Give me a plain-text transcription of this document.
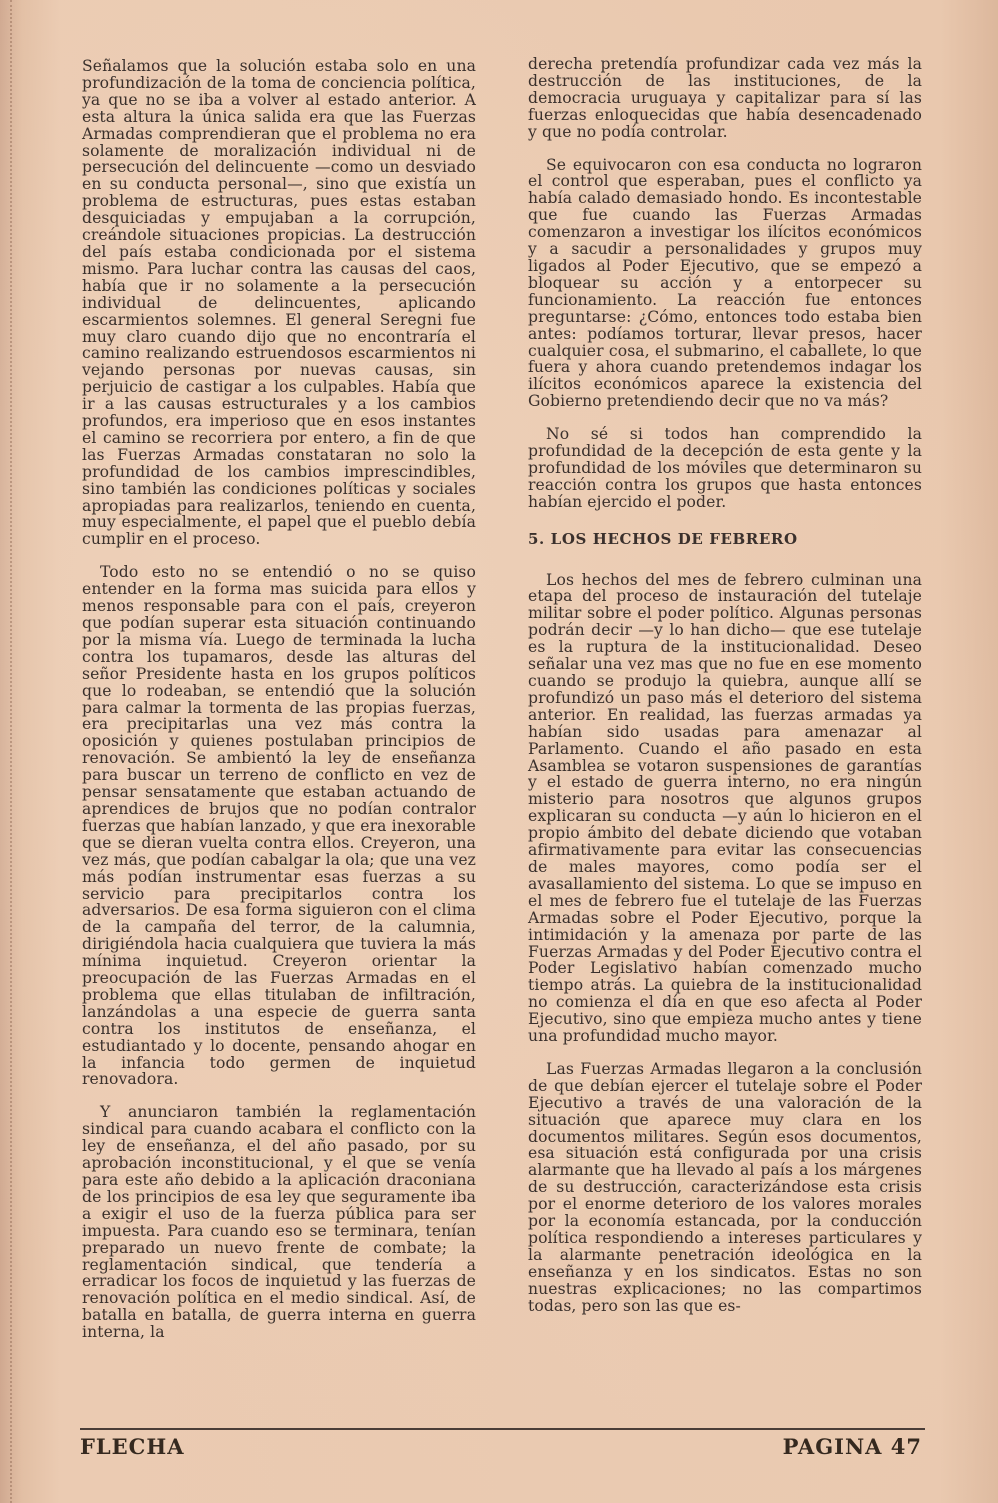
Señalamos que la solución estaba solo en una profundización de la toma de conciencia política, ya que no se iba a volver al estado anterior. A esta altura la única salida era que las Fuerzas Armadas comprendieran que el problema no era solamente de moralización individual ni de persecución del delincuente —como un desviado en su conducta personal—, sino que existía un problema de estructuras, pues estas estaban desquiciadas y empujaban a la corrupción, creándole situaciones propicias. La destrucción del país estaba condicionada por el sistema mismo. Para luchar contra las causas del caos, había que ir no solamente a la persecución individual de delincuentes, aplicando escarmientos solemnes. El general Seregni fue muy claro cuando dijo que no encontraría el camino realizando estruendosos escarmientos ni vejando personas por nuevas causas, sin perjuicio de castigar a los culpables. Había que ir a las causas estructurales y a los cambios profundos, era imperioso que en esos instantes el camino se recorriera por entero, a fin de que las Fuerzas Armadas constataran no solo la profundidad de los cambios imprescindibles, sino también las condiciones políticas y sociales apropiadas para realizarlos, teniendo en cuenta, muy especialmente, el papel que el pueblo debía cumplir en el proceso.

Todo esto no se entendió o no se quiso entender en la forma mas suicida para ellos y menos responsable para con el país, creyeron que podían superar esta situación continuando por la misma vía. Luego de terminada la lucha contra los tupamaros, desde las alturas del señor Presidente hasta en los grupos políticos que lo rodeaban, se entendió que la solución para calmar la tormenta de las propias fuerzas, era precipitarlas una vez más contra la oposición y quienes postulaban principios de renovación. Se ambientó la ley de enseñanza para buscar un terreno de conflicto en vez de pensar sensatamente que estaban actuando de aprendices de brujos que no podían contralor fuerzas que habían lanzado, y que era inexorable que se dieran vuelta contra ellos. Creyeron, una vez más, que podían cabalgar la ola; que una vez más podían instrumentar esas fuerzas a su servicio para precipitarlos contra los adversarios. De esa forma siguieron con el clima de la campaña del terror, de la calumnia, dirigiéndola hacia cualquiera que tuviera la más mínima inquietud. Creyeron orientar la preocupación de las Fuerzas Armadas en el problema que ellas titulaban de infiltración, lanzándolas a una especie de guerra santa contra los institutos de enseñanza, el estudiantado y lo docente, pensando ahogar en la infancia todo germen de inquietud renovadora.

Y anunciaron también la reglamentación sindical para cuando acabara el conflicto con la ley de enseñanza, el del año pasado, por su aprobación inconstitucional, y el que se venía para este año debido a la aplicación draconiana de los principios de esa ley que seguramente iba a exigir el uso de la fuerza pública para ser impuesta. Para cuando eso se terminara, tenían preparado un nuevo frente de combate; la reglamentación sindical, que tendería a erradicar los focos de inquietud y las fuerzas de renovación política en el medio sindical. Así, de batalla en batalla, de guerra interna en guerra interna, la

derecha pretendía profundizar cada vez más la destrucción de las instituciones, de la democracia uruguaya y capitalizar para sí las fuerzas enloquecidas que había desencadenado y que no podía controlar.

Se equivocaron con esa conducta no lograron el control que esperaban, pues el conflicto ya había calado demasiado hondo. Es incontestable que fue cuando las Fuerzas Armadas comenzaron a investigar los ilícitos económicos y a sacudir a personalidades y grupos muy ligados al Poder Ejecutivo, que se empezó a bloquear su acción y a entorpecer su funcionamiento. La reacción fue entonces preguntarse: ¿Cómo, entonces todo estaba bien antes: podíamos torturar, llevar presos, hacer cualquier cosa, el submarino, el caballete, lo que fuera y ahora cuando pretendemos indagar los ilícitos económicos aparece la existencia del Gobierno pretendiendo decir que no va más?

No sé si todos han comprendido la profundidad de la decepción de esta gente y la profundidad de los móviles que determinaron su reacción contra los grupos que hasta entonces habían ejercido el poder.

5. LOS HECHOS DE FEBRERO

Los hechos del mes de febrero culminan una etapa del proceso de instauración del tutelaje militar sobre el poder político. Algunas personas podrán decir —y lo han dicho— que ese tutelaje es la ruptura de la institucionalidad. Deseo señalar una vez mas que no fue en ese momento cuando se produjo la quiebra, aunque allí se profundizó un paso más el deterioro del sistema anterior. En realidad, las fuerzas armadas ya habían sido usadas para amenazar al Parlamento. Cuando el año pasado en esta Asamblea se votaron suspensiones de garantías y el estado de guerra interno, no era ningún misterio para nosotros que algunos grupos explicaran su conducta —y aún lo hicieron en el propio ámbito del debate diciendo que votaban afirmativamente para evitar las consecuencias de males mayores, como podía ser el avasallamiento del sistema. Lo que se impuso en el mes de febrero fue el tutelaje de las Fuerzas Armadas sobre el Poder Ejecutivo, porque la intimidación y la amenaza por parte de las Fuerzas Armadas y del Poder Ejecutivo contra el Poder Legislativo habían comenzado mucho tiempo atrás. La quiebra de la institucionalidad no comienza el día en que eso afecta al Poder Ejecutivo, sino que empieza mucho antes y tiene una profundidad mucho mayor.

Las Fuerzas Armadas llegaron a la conclusión de que debían ejercer el tutelaje sobre el Poder Ejecutivo a través de una valoración de la situación que aparece muy clara en los documentos militares. Según esos documentos, esa situación está configurada por una crisis alarmante que ha llevado al país a los márgenes de su destrucción, caracterizándose esta crisis por el enorme deterioro de los valores morales por la economía estancada, por la conducción política respondiendo a intereses particulares y la alarmante penetración ideológica en la enseñanza y en los sindicatos. Estas no son nuestras explicaciones; no las compartimos todas, pero son las que es-

FLECHA	PAGINA 47
